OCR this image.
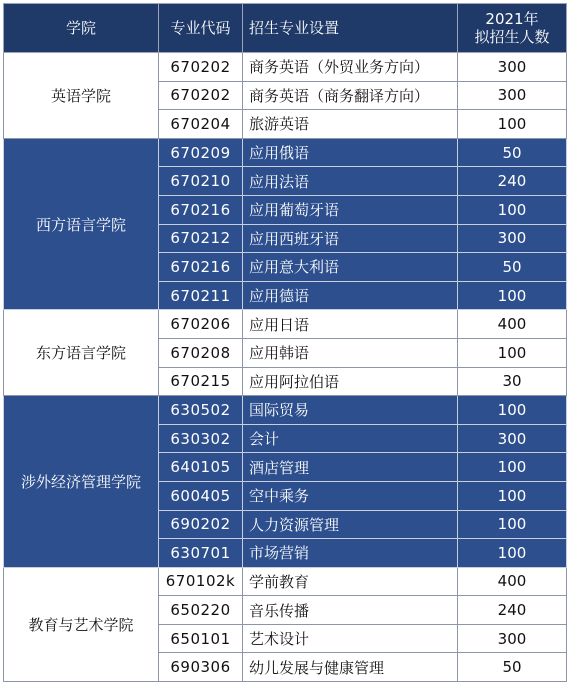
学院	专业代码	招生专业设置	2021年
拟招生人数

英语学院	670202	商务英语（外贸业务方向）	300
	670202	商务英语（商务翻译方向）	300
	670204	旅游英语	100
西方语言学院	670209	应用俄语	50
	670210	应用法语	240
	670216	应用葡萄牙语	100
	670212	应用西班牙语	300
	670216	应用意大利语	50
	670211	应用德语	100
东方语言学院	670206	应用日语	400
	670208	应用韩语	100
	670215	应用阿拉伯语	30
涉外经济管理学院	630502	国际贸易	100
	630302	会计	300
	640105	酒店管理	100
	600405	空中乘务	100
	690202	人力资源管理	100
	630701	市场营销	100
教育与艺术学院	670102k	学前教育	400
	650220	音乐传播	240
	650101	艺术设计	300
	690306	幼儿发展与健康管理	50
